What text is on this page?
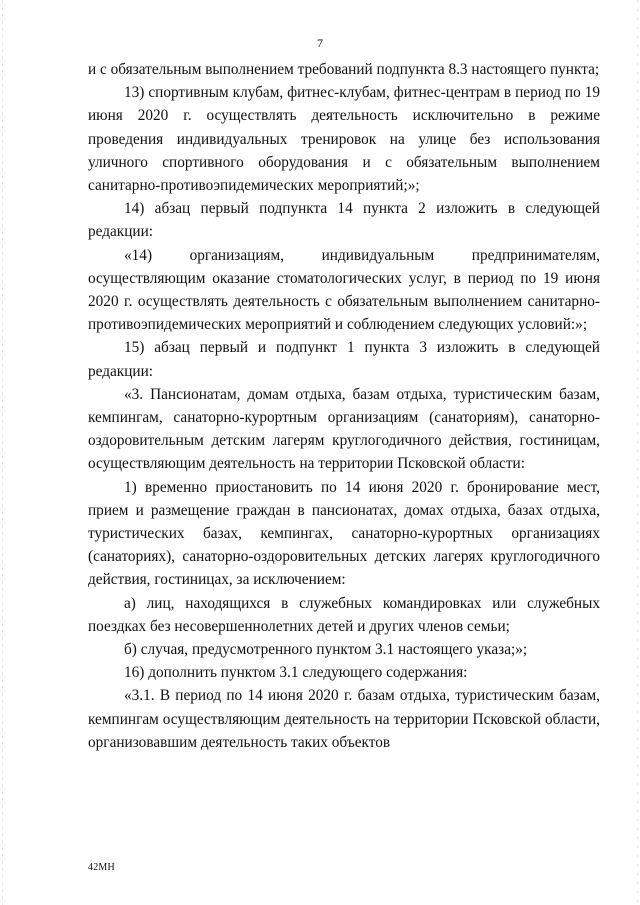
7

и с обязательным выполнением требований подпункта 8.3 настоящего пункта;

13) спортивным клубам, фитнес-клубам, фитнес-центрам в период по 19 июня 2020 г. осуществлять деятельность исключительно в режиме проведения индивидуальных тренировок на улице без использования уличного спортивного оборудования и с обязательным выполнением санитарно-противоэпидемических мероприятий;»;

14) абзац первый подпункта 14 пункта 2 изложить в следующей редакции:

«14) организациям, индивидуальным предпринимателям, осуществляющим оказание стоматологических услуг, в период по 19 июня 2020 г. осуществлять деятельность с обязательным выполнением санитарно-противоэпидемических мероприятий и соблюдением следующих условий:»;

15) абзац первый и подпункт 1 пункта 3 изложить в следующей редакции:

«3. Пансионатам, домам отдыха, базам отдыха, туристическим базам, кемпингам, санаторно-курортным организациям (санаториям), санаторно-оздоровительным детским лагерям круглогодичного действия, гостиницам, осуществляющим деятельность на территории Псковской области:

1) временно приостановить по 14 июня 2020 г. бронирование мест, прием и размещение граждан в пансионатах, домах отдыха, базах отдыха, туристических базах, кемпингах, санаторно-курортных организациях (санаториях), санаторно-оздоровительных детских лагерях круглогодичного действия, гостиницах, за исключением:

а) лиц, находящихся в служебных командировках или служебных поездках без несовершеннолетних детей и других членов семьи;

б) случая, предусмотренного пунктом 3.1 настоящего указа;»;

16) дополнить пунктом 3.1 следующего содержания:

«3.1. В период по 14 июня 2020 г. базам отдыха, туристическим базам, кемпингам осуществляющим деятельность на территории Псковской области, организовавшим деятельность таких объектов

42МН
